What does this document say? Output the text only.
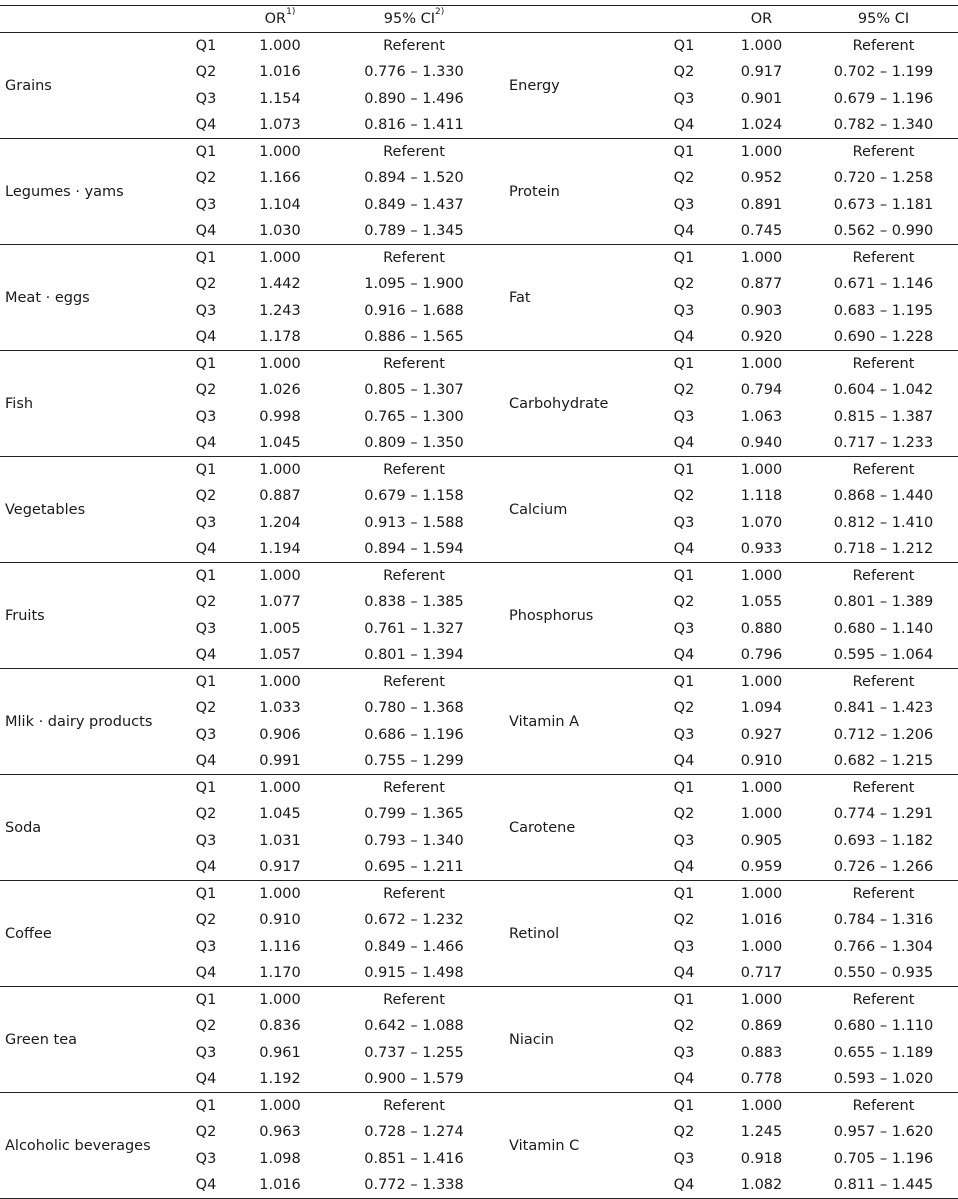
		OR$^{1)}$	95% CI$^{2)}$			OR	95% CI
Grains	Q1	1.000	Referent	Energy	Q1	1.000	Referent
	Q2	1.016	0.776 – 1.330		Q2	0.917	0.702 – 1.199
	Q3	1.154	0.890 – 1.496		Q3	0.901	0.679 – 1.196
	Q4	1.073	0.816 – 1.411		Q4	1.024	0.782 – 1.340
Legumes · yams	Q1	1.000	Referent	Protein	Q1	1.000	Referent
	Q2	1.166	0.894 – 1.520		Q2	0.952	0.720 – 1.258
	Q3	1.104	0.849 – 1.437		Q3	0.891	0.673 – 1.181
	Q4	1.030	0.789 – 1.345		Q4	0.745	0.562 – 0.990
Meat · eggs	Q1	1.000	Referent	Fat	Q1	1.000	Referent
	Q2	1.442	1.095 – 1.900		Q2	0.877	0.671 – 1.146
	Q3	1.243	0.916 – 1.688		Q3	0.903	0.683 – 1.195
	Q4	1.178	0.886 – 1.565		Q4	0.920	0.690 – 1.228
Fish	Q1	1.000	Referent	Carbohydrate	Q1	1.000	Referent
	Q2	1.026	0.805 – 1.307		Q2	0.794	0.604 – 1.042
	Q3	0.998	0.765 – 1.300		Q3	1.063	0.815 – 1.387
	Q4	1.045	0.809 – 1.350		Q4	0.940	0.717 – 1.233
Vegetables	Q1	1.000	Referent	Calcium	Q1	1.000	Referent
	Q2	0.887	0.679 – 1.158		Q2	1.118	0.868 – 1.440
	Q3	1.204	0.913 – 1.588		Q3	1.070	0.812 – 1.410
	Q4	1.194	0.894 – 1.594		Q4	0.933	0.718 – 1.212
Fruits	Q1	1.000	Referent	Phosphorus	Q1	1.000	Referent
	Q2	1.077	0.838 – 1.385		Q2	1.055	0.801 – 1.389
	Q3	1.005	0.761 – 1.327		Q3	0.880	0.680 – 1.140
	Q4	1.057	0.801 – 1.394		Q4	0.796	0.595 – 1.064
Mlik · dairy products	Q1	1.000	Referent	Vitamin A	Q1	1.000	Referent
	Q2	1.033	0.780 – 1.368		Q2	1.094	0.841 – 1.423
	Q3	0.906	0.686 – 1.196		Q3	0.927	0.712 – 1.206
	Q4	0.991	0.755 – 1.299		Q4	0.910	0.682 – 1.215
Soda	Q1	1.000	Referent	Carotene	Q1	1.000	Referent
	Q2	1.045	0.799 – 1.365		Q2	1.000	0.774 – 1.291
	Q3	1.031	0.793 – 1.340		Q3	0.905	0.693 – 1.182
	Q4	0.917	0.695 – 1.211		Q4	0.959	0.726 – 1.266
Coffee	Q1	1.000	Referent	Retinol	Q1	1.000	Referent
	Q2	0.910	0.672 – 1.232		Q2	1.016	0.784 – 1.316
	Q3	1.116	0.849 – 1.466		Q3	1.000	0.766 – 1.304
	Q4	1.170	0.915 – 1.498		Q4	0.717	0.550 – 0.935
Green tea	Q1	1.000	Referent	Niacin	Q1	1.000	Referent
	Q2	0.836	0.642 – 1.088		Q2	0.869	0.680 – 1.110
	Q3	0.961	0.737 – 1.255		Q3	0.883	0.655 – 1.189
	Q4	1.192	0.900 – 1.579		Q4	0.778	0.593 – 1.020
Alcoholic beverages	Q1	1.000	Referent	Vitamin C	Q1	1.000	Referent
	Q2	0.963	0.728 – 1.274		Q2	1.245	0.957 – 1.620
	Q3	1.098	0.851 – 1.416		Q3	0.918	0.705 – 1.196
	Q4	1.016	0.772 – 1.338		Q4	1.082	0.811 – 1.445
